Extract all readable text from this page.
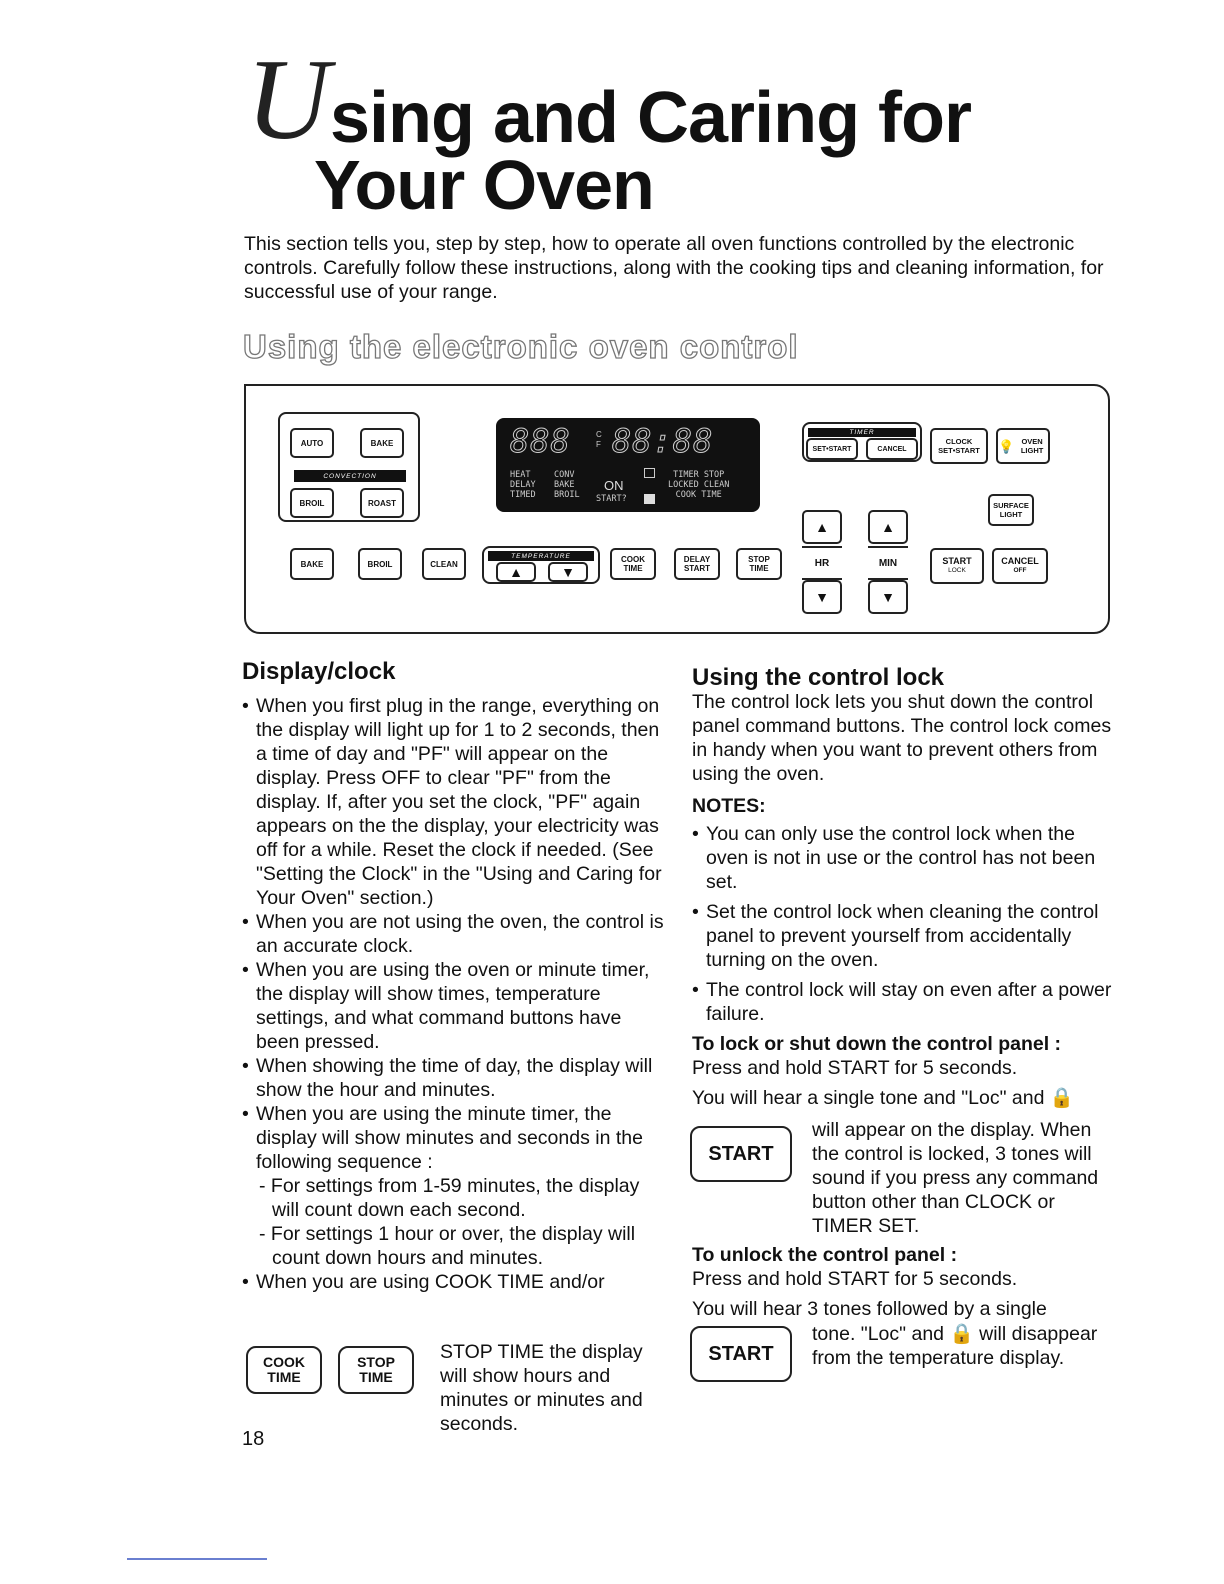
U sing and Caring for
Your Oven

This section tells you, step by step, how to operate all oven functions controlled by the electronic controls. Carefully follow these instructions, along with the cooking tips and cleaning information, for successful use of your range.

Using the electronic oven control
AUTO	BAKE
CONVECTION
BROIL	ROAST
888	C
F 88:88
HEAT
DELAY
TIMED
CONV
BAKE
BROIL
ON
START?
TIMER STOP
LOCKED CLEAN
COOK TIME
BAKE	BROIL	CLEAN
TEMPERATURE
▲	▼
COOK TIME
DELAY START
STOP TIME
TIMER
SET•START	CANCEL
CLOCK
SET•START 💡 OVEN LIGHT
SURFACE LIGHT
▲
HR
▼
▲
MIN
▼
START
LOCK
CANCEL
OFF
Display/clock
• When you first plug in the range, everything on the display will light up for 1 to 2 seconds, then a time of day and "PF" will appear on the display. Press OFF to clear "PF" from the display. If, after you set the clock, "PF" again appears on the the display, your electricity was off for a while. Reset the clock if needed. (See "Setting the Clock" in the "Using and Caring for Your Oven" section.)
• When you are not using the oven, the control is an accurate clock.
• When you are using the oven or minute timer, the display will show times, temperature settings, and what command buttons have been pressed.
• When showing the time of day, the display will show the hour and minutes.
• When you are using the minute timer, the display will show minutes and seconds in the following sequence :
- For settings from 1-59 minutes, the display will count down each second.
- For settings 1 hour or over, the display will count down hours and minutes.
• When you are using COOK TIME and/or
COOK TIME
STOP TIME
STOP TIME the display will show hours and minutes or minutes and seconds.
Using the control lock

The control lock lets you shut down the control panel command buttons. The control lock comes in handy when you want to prevent others from using the oven.

NOTES:

• You can only use the control lock when the oven is not in use or the control has not been set.
• Set the control lock when cleaning the control panel to prevent yourself from accidentally turning on the oven.
• The control lock will stay on even after a power failure.

To lock or shut down the control panel :

Press and hold START for 5 seconds.

You will hear a single tone and "Loc" and 🔒

START
will appear on the display. When the control is locked, 3 tones will sound if you press any command button other than CLOCK or TIMER SET.

To unlock the control panel :

Press and hold START for 5 seconds.

You will hear 3 tones followed by a single

START
tone. "Loc" and 🔒 will disappear from the temperature display.
18
